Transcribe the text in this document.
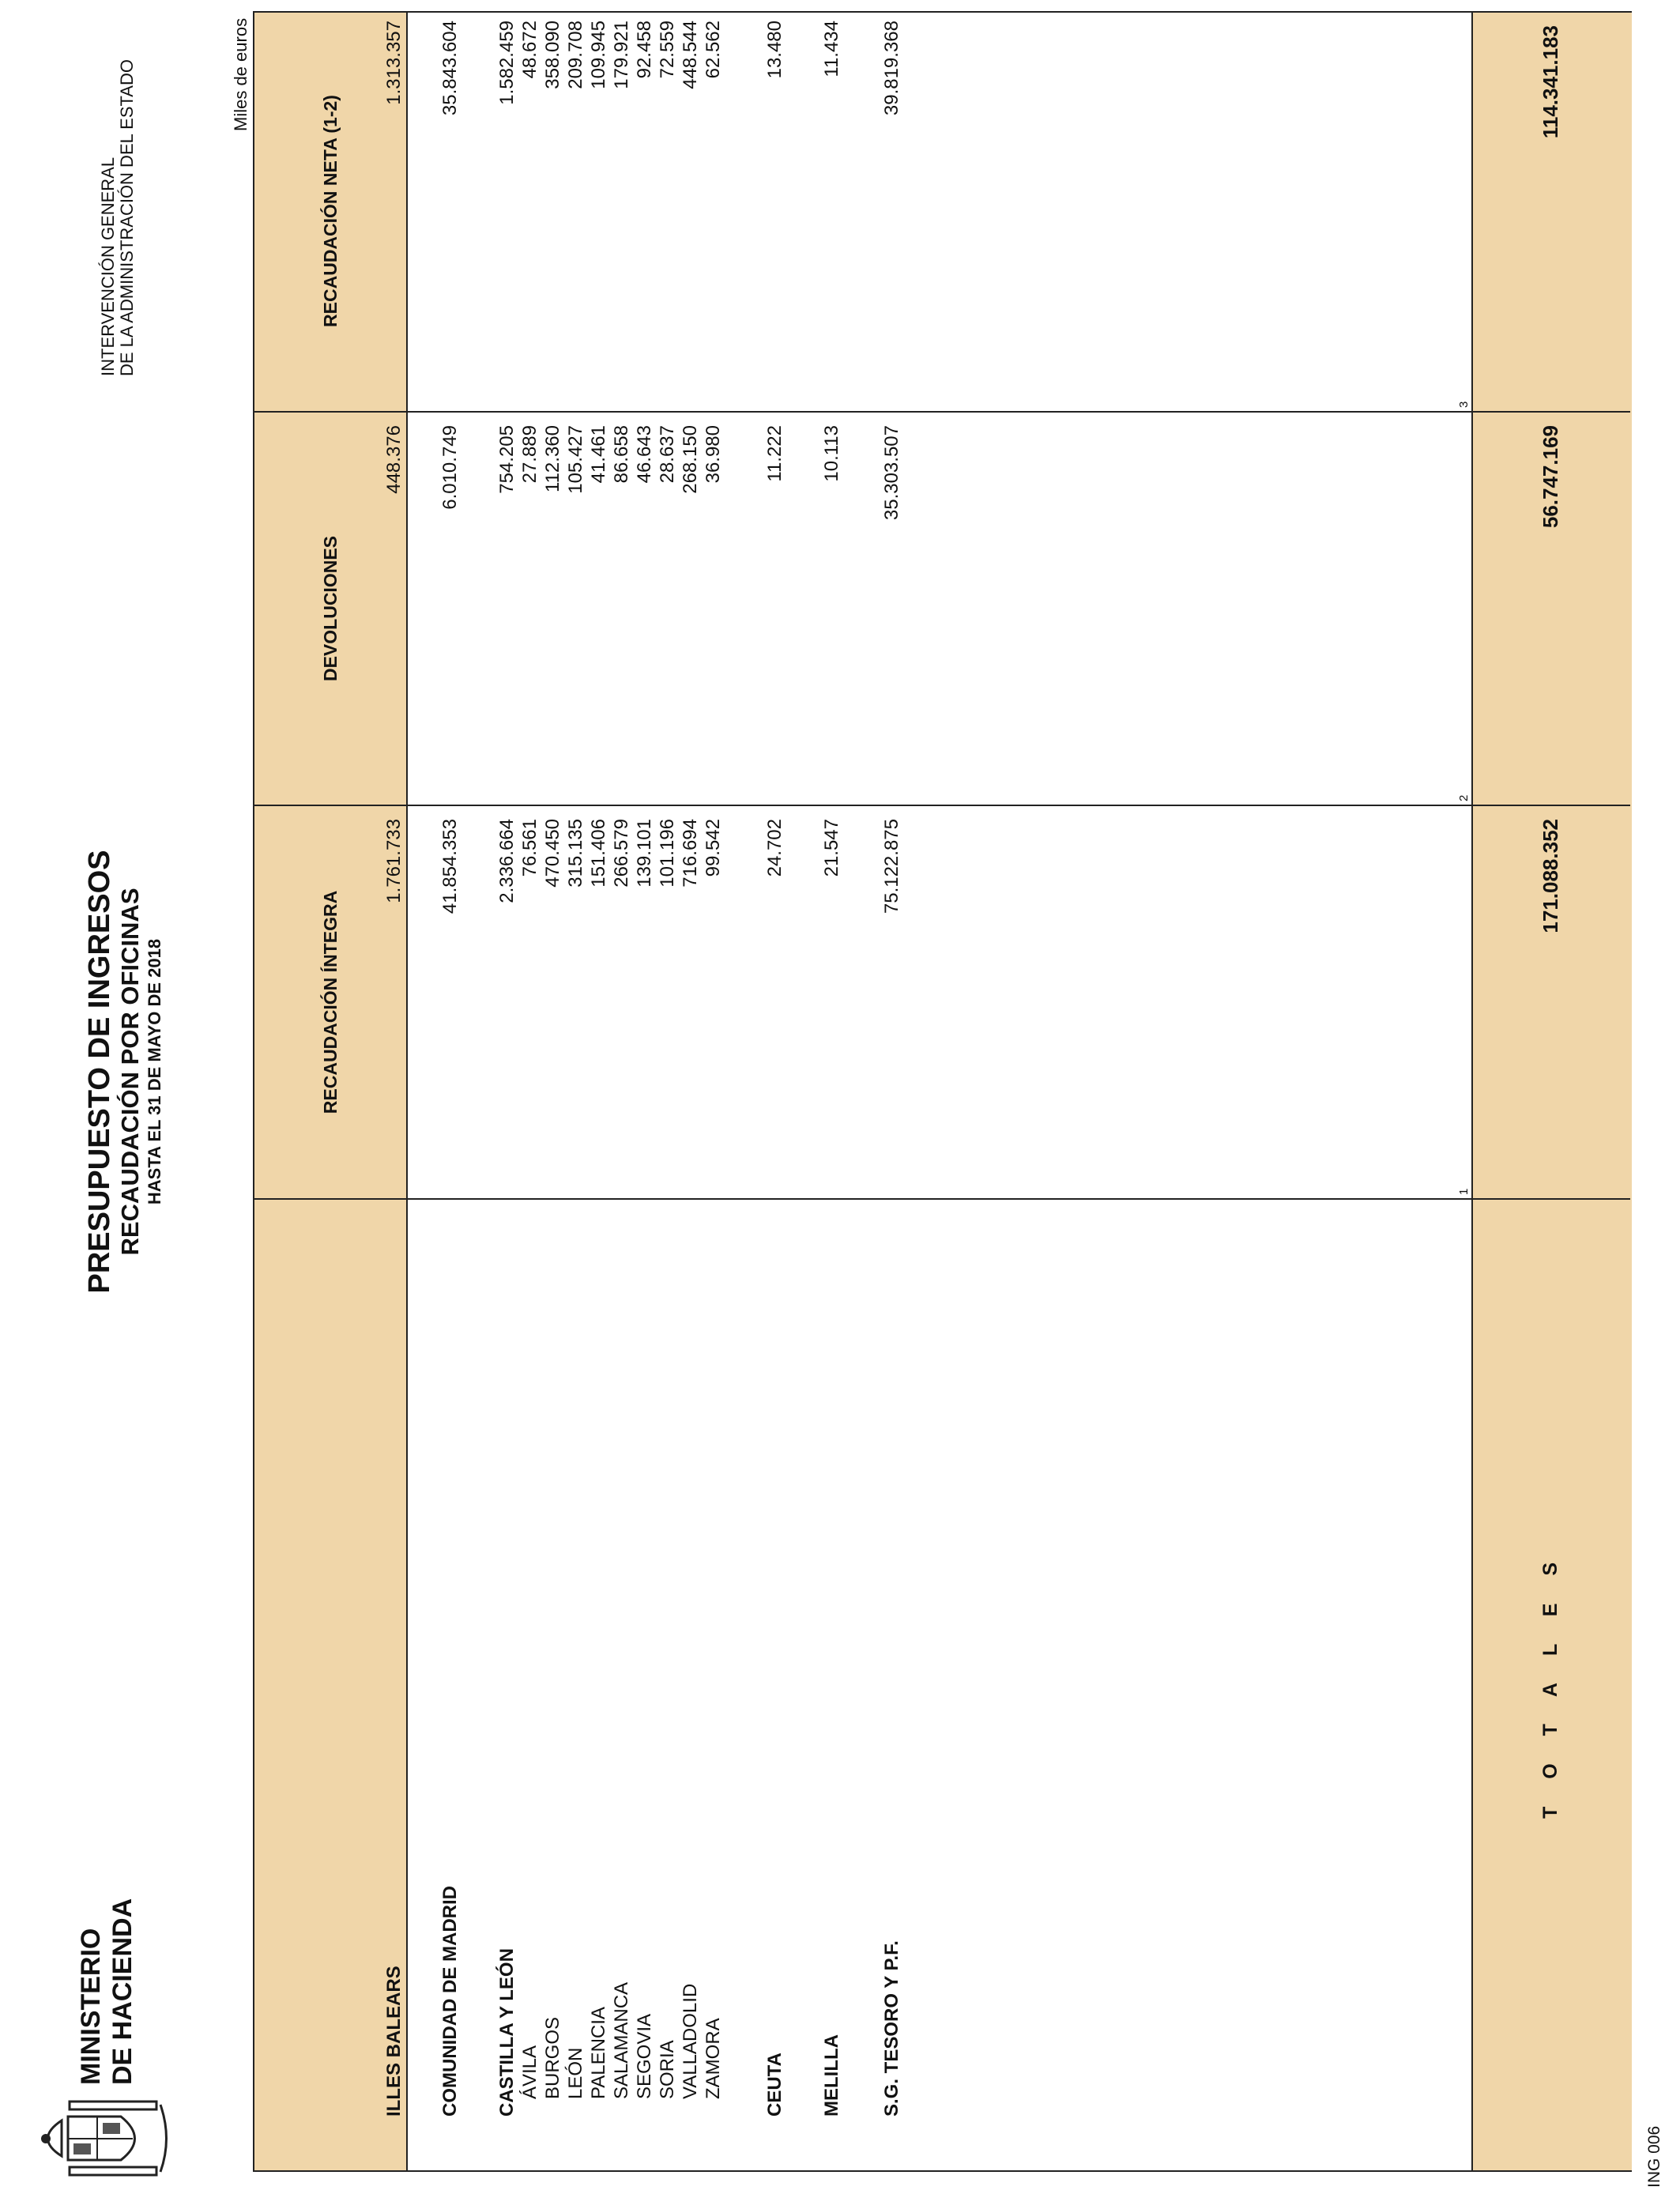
MINISTERIO DE HACIENDA
PRESUPUESTO DE INGRESOS RECAUDACIÓN POR OFICINAS HASTA EL 31 DE MAYO DE 2018
INTERVENCIÓN GENERAL DE LA ADMINISTRACIÓN DEL ESTADO	Miles de euros
RECAUDACIÓN ÍNTEGRA
DEVOLUCIONES
RECAUDACIÓN NETA (1-2)
1
2
3
ILLES BALEARS
1.761.733
448.376
1.313.357
COMUNIDAD DE MADRID
41.854.353
6.010.749
35.843.604
CASTILLA Y LEÓN
2.336.664
754.205
1.582.459
ÁVILA
76.561
27.889
48.672
BURGOS
470.450
112.360
358.090
LEÓN
315.135
105.427
209.708
PALENCIA
151.406
41.461
109.945
SALAMANCA
266.579
86.658
179.921
SEGOVIA
139.101
46.643
92.458
SORIA
101.196
28.637
72.559
VALLADOLID
716.694
268.150
448.544
ZAMORA
99.542
36.980
62.562
CEUTA
24.702
11.222
13.480
MELILLA
21.547
10.113
11.434
S.G. TESORO Y P.F.
75.122.875
35.303.507
39.819.368
T O T A L E S
171.088.352
56.747.169
114.341.183
ING 006
